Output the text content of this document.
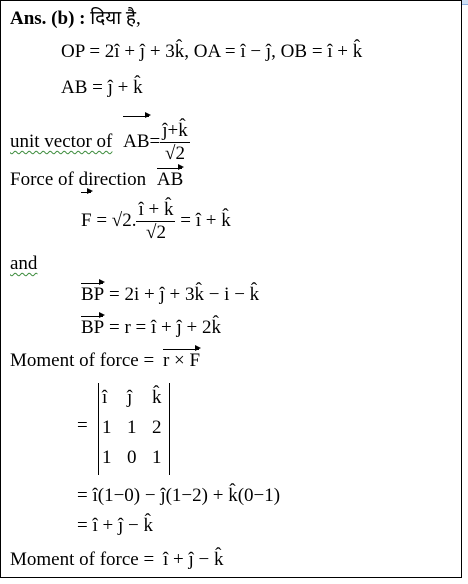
Ans. (b) : दिया है,
OP = 2î + ĵ + 3k̂, OA = î − ĵ, OB = î + k̂
AB = ĵ + k̂
unit vector of $AB= \frac{ĵ+k̂}{√2}$
Force of direction AB
F = √2. $\frac{î + k̂}{√2}$ = î + k̂
and
BP = 2i + ĵ + 3k̂ − i − k̂
BP = r = î + ĵ + 2k̂
Moment of force = r × F
=
î ĵ k̂
1 1 2
1 0 1
= î(1−0) − ĵ(1−2) + k̂(0−1)
= î + ĵ − k̂
Moment of force = î + ĵ − k̂
